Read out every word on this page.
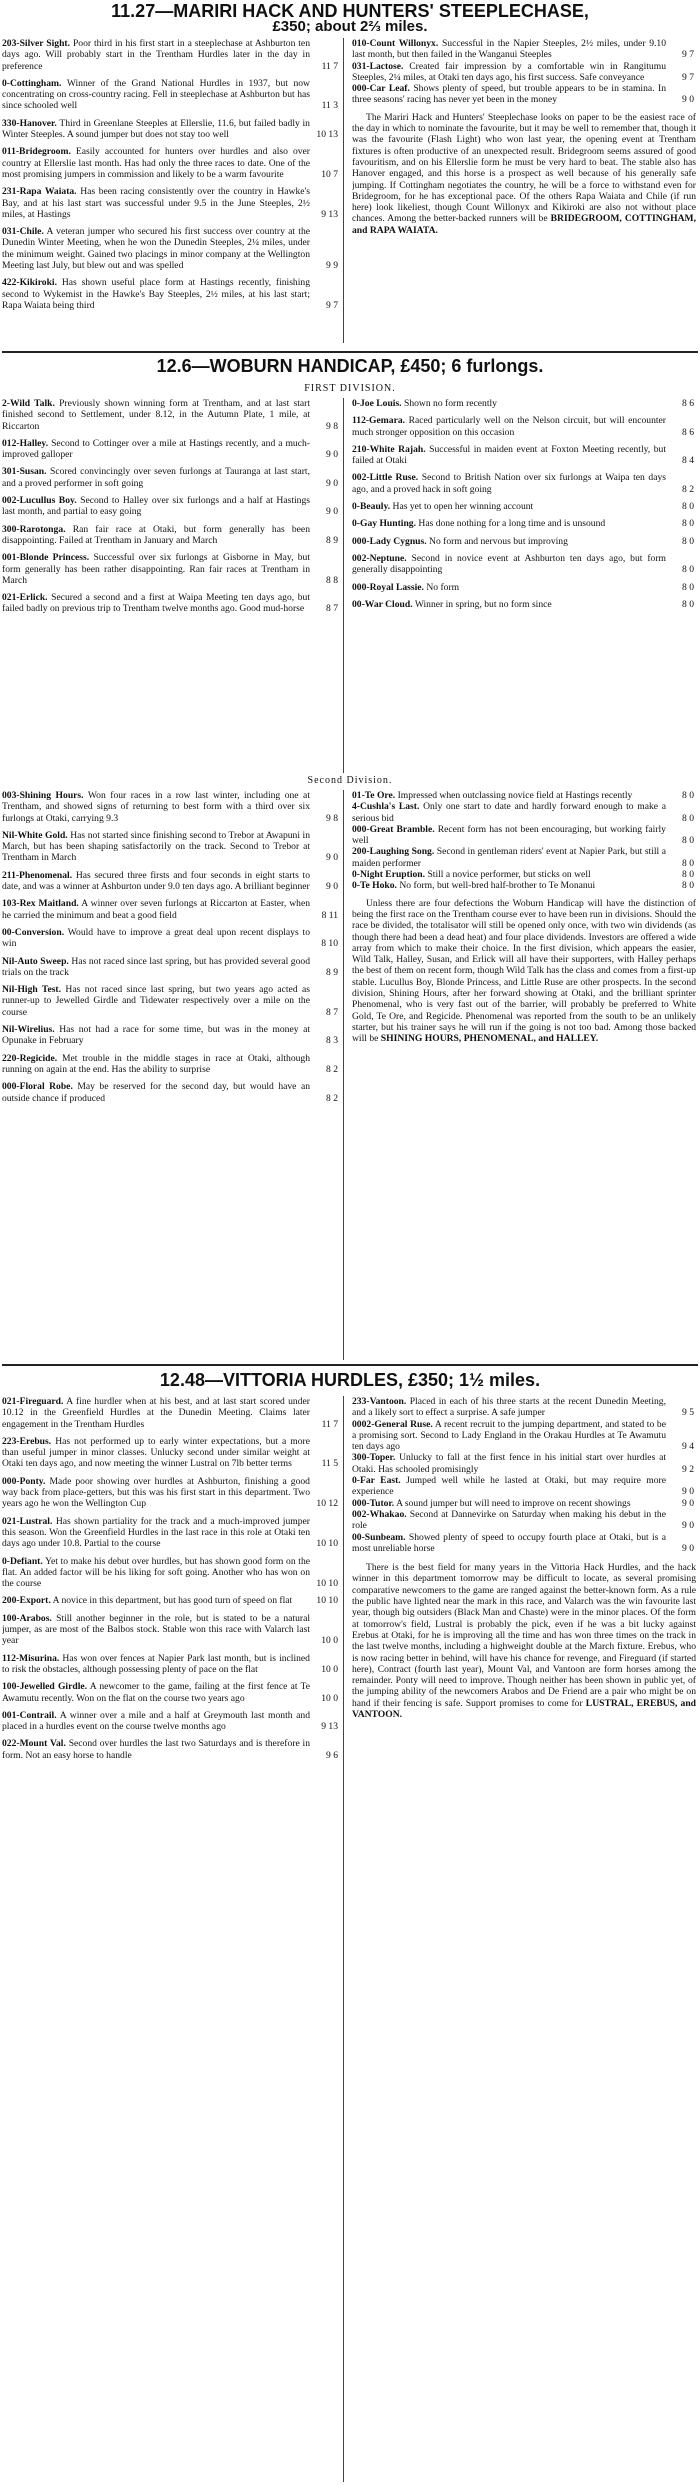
11.27—MARIRI HACK AND HUNTERS' STEEPLECHASE,
£350; about 2⅔ miles.
203-Silver Sight. Poor third in his first start in a steeplechase at Ashburton ten days ago. Will probably start in the Trentham Hurdles later in the day in preference	11 7
0-Cottingham. Winner of the Grand National Hurdles in 1937, but now concentrating on cross-country racing. Fell in steeplechase at Ashburton but has since schooled well	11 3
330-Hanover. Third in Greenlane Steeples at Ellerslie, 11.6, but failed badly in Winter Steeples. A sound jumper but does not stay too well	10 13
011-Bridegroom. Easily accounted for hunters over hurdles and also over country at Ellerslie last month. Has had only the three races to date. One of the most promising jumpers in commission and likely to be a warm favourite	10 7
231-Rapa Waiata. Has been racing consistently over the country in Hawke's Bay, and at his last start was successful under 9.5 in the June Steeples, 2½ miles, at Hastings	9 13
031-Chile. A veteran jumper who secured his first success over country at the Dunedin Winter Meeting, when he won the Dunedin Steeples, 2¼ miles, under the minimum weight. Gained two placings in minor company at the Wellington Meeting last July, but blew out and was spelled	9 9
422-Kikiroki. Has shown useful place form at Hastings recently, finishing second to Wykemist in the Hawke's Bay Steeples, 2½ miles, at his last start; Rapa Waiata being third	9 7
010-Count Willonyx. Successful in the Napier Steeples, 2½ miles, under 9.10 last month, but then failed in the Wanganui Steeples	9 7
031-Lactose. Created fair impression by a comfortable win in Rangitumu Steeples, 2¼ miles, at Otaki ten days ago, his first success. Safe conveyance	9 7
000-Car Leaf. Shows plenty of speed, but trouble appears to be in stamina. In three seasons' racing has never yet been in the money	9 0
The Mariri Hack and Hunters' Steeplechase looks on paper to be the easiest race of the day in which to nominate the favourite, but it may be well to remember that, though it was the favourite (Flash Light) who won last year, the opening event at Trentham fixtures is often productive of an unexpected result. Bridegroom seems assured of good favouritism, and on his Ellerslie form he must be very hard to beat. The stable also has Hanover engaged, and this horse is a prospect as well because of his generally safe jumping. If Cottingham negotiates the country, he will be a force to withstand even for Bridegroom, for he has exceptional pace. Of the others Rapa Waiata and Chile (if run here) look likeliest, though Count Willonyx and Kikiroki are also not without place chances. Among the better-backed runners will be BRIDEGROOM, COTTINGHAM, and RAPA WAIATA.
12.6—WOBURN HANDICAP, £450; 6 furlongs.
FIRST DIVISION.
2-Wild Talk. Previously shown winning form at Trentham, and at last start finished second to Settlement, under 8.12, in the Autumn Plate, 1 mile, at Riccarton	9 8
012-Halley. Second to Cottinger over a mile at Hastings recently, and a much-improved galloper	9 0
301-Susan. Scored convincingly over seven furlongs at Tauranga at last start, and a proved performer in soft going	9 0
002-Lucullus Boy. Second to Halley over six furlongs and a half at Hastings last month, and partial to easy going	9 0
300-Rarotonga. Ran fair race at Otaki, but form generally has been disappointing. Failed at Trentham in January and March	8 9
001-Blonde Princess. Successful over six furlongs at Gisborne in May, but form generally has been rather disappointing. Ran fair races at Trentham in March	8 8
021-Erlick. Secured a second and a first at Waipa Meeting ten days ago, but failed badly on previous trip to Trentham twelve months ago. Good mud-horse 8 7
0-Joe Louis. Shown no form recently	8 6
112-Gemara. Raced particularly well on the Nelson circuit, but will encounter much stronger opposition on this occasion	8 6
210-White Rajah. Successful in maiden event at Foxton Meeting recently, but failed at Otaki	8 4
002-Little Ruse. Second to British Nation over six furlongs at Waipa ten days ago, and a proved hack in soft going	8 2
0-Beauly. Has yet to open her winning account	8 0
0-Gay Hunting. Has done nothing for a long time and is unsound	8 0
000-Lady Cygnus. No form and nervous but improving	8 0
002-Neptune. Second in novice event at Ashburton ten days ago, but form generally disappointing	8 0
000-Royal Lassie. No form	8 0
00-War Cloud. Winner in spring, but no form since	8 0
Second Division.
003-Shining Hours. Won four races in a row last winter, including one at Trentham, and showed signs of returning to best form with a third over six furlongs at Otaki, carrying 9.3	9 8
Nil-White Gold. Has not started since finishing second to Trebor at Awapuni in March, but has been shaping satisfactorily on the track. Second to Trebor at Trentham in March	9 0
211-Phenomenal. Has secured three firsts and four seconds in eight starts to date, and was a winner at Ashburton under 9.0 ten days ago. A brilliant beginner 9 0
103-Rex Maitland. A winner over seven furlongs at Riccarton at Easter, when he carried the minimum and beat a good field	8 11
00-Conversion. Would have to improve a great deal upon recent displays to win	8 10
Nil-Auto Sweep. Has not raced since last spring, but has provided several good trials on the track	8 9
Nil-High Test. Has not raced since last spring, but two years ago acted as runner-up to Jewelled Girdle and Tidewater respectively over a mile on the course	8 7
Nil-Wirelius. Has not had a race for some time, but was in the money at Opunake in February	8 3
220-Regicide. Met trouble in the middle stages in race at Otaki, although running on again at the end. Has the ability to surprise	8 2
000-Floral Robe. May be reserved for the second day, but would have an outside chance if produced	8 2
01-Te Ore. Impressed when outclassing novice field at Hastings recently	8 0
4-Cushla's Last. Only one start to date and hardly forward enough to make a serious bid	8 0
000-Great Bramble. Recent form has not been encouraging, but working fairly well	8 0
200-Laughing Song. Second in gentleman riders' event at Napier Park, but still a maiden performer	8 0
0-Night Eruption. Still a novice performer, but sticks on well	8 0
0-Te Hoko. No form, but well-bred half-brother to Te Monanui	8 0
Unless there are four defections the Woburn Handicap will have the distinction of being the first race on the Trentham course ever to have been run in divisions. Should the race be divided, the totalisator will still be opened only once, with two win dividends (as though there had been a dead heat) and four place dividends. Investors are offered a wide array from which to make their choice. In the first division, which appears the easier, Wild Talk, Halley, Susan, and Erlick will all have their supporters, with Halley perhaps the best of them on recent form, though Wild Talk has the class and comes from a first-up stable. Lucullus Boy, Blonde Princess, and Little Ruse are other prospects. In the second division, Shining Hours, after her forward showing at Otaki, and the brilliant sprinter Phenomenal, who is very fast out of the barrier, will probably be preferred to White Gold, Te Ore, and Regicide. Phenomenal was reported from the south to be an unlikely starter, but his trainer says he will run if the going is not too bad. Among those backed will be SHINING HOURS, PHENOMENAL, and HALLEY.
12.48—VITTORIA HURDLES, £350; 1½ miles.
021-Fireguard. A fine hurdler when at his best, and at last start scored under 10.12 in the Greenfield Hurdles at the Dunedin Meeting. Claims later engagement in the Trentham Hurdles	11 7
223-Erebus. Has not performed up to early winter expectations, but a more than useful jumper in minor classes. Unlucky second under similar weight at Otaki ten days ago, and now meeting the winner Lustral on 7lb better terms	11 5
000-Ponty. Made poor showing over hurdles at Ashburton, finishing a good way back from place-getters, but this was his first start in this department. Two years ago he won the Wellington Cup	10 12
021-Lustral. Has shown partiality for the track and a much-improved jumper this season. Won the Greenfield Hurdles in the last race in this role at Otaki ten days ago under 10.8. Partial to the course	10 10
0-Defiant. Yet to make his debut over hurdles, but has shown good form on the flat. An added factor will be his liking for soft going. Another who has won on the course	10 10
200-Export. A novice in this department, but has good turn of speed on flat	10 10
100-Arabos. Still another beginner in the role, but is stated to be a natural jumper, as are most of the Balbos stock. Stable won this race with Valarch last year	10 0
112-Misurina. Has won over fences at Napier Park last month, but is inclined to risk the obstacles, although possessing plenty of pace on the flat	10 0
100-Jewelled Girdle. A newcomer to the game, failing at the first fence at Te Awamutu recently. Won on the flat on the course two years ago	10 0
001-Contrail. A winner over a mile and a half at Greymouth last month and placed in a hurdles event on the course twelve months ago	9 13
022-Mount Val. Second over hurdles the last two Saturdays and is therefore in form. Not an easy horse to handle	9 6
233-Vantoon. Placed in each of his three starts at the recent Dunedin Meeting, and a likely sort to effect a surprise. A safe jumper	9 5
0002-General Ruse. A recent recruit to the jumping department, and stated to be a promising sort. Second to Lady England in the Orakau Hurdles at Te Awamutu ten days ago	9 4
300-Toper. Unlucky to fall at the first fence in his initial start over hurdles at Otaki. Has schooled promisingly	9 2
0-Far East. Jumped well while he lasted at Otaki, but may require more experience	9 0
000-Tutor. A sound jumper but will need to improve on recent showings	9 0
002-Whakao. Second at Dannevirke on Saturday when making his debut in the role	9 0
00-Sunbeam. Showed plenty of speed to occupy fourth place at Otaki, but is a most unreliable horse	9 0
There is the best field for many years in the Vittoria Hack Hurdles, and the hack winner in this department tomorrow may be difficult to locate, as several promising comparative newcomers to the game are ranged against the better-known form. As a rule the public have lighted near the mark in this race, and Valarch was the win favourite last year, though big outsiders (Black Man and Chaste) were in the minor places. Of the form at tomorrow's field, Lustral is probably the pick, even if he was a bit lucky against Erebus at Otaki, for he is improving all the time and has won three times on the track in the last twelve months, including a highweight double at the March fixture. Erebus, who is now racing better in behind, will have his chance for revenge, and Fireguard (if started here), Contract (fourth last year), Mount Val, and Vantoon are form horses among the remainder. Ponty will need to improve. Though neither has been shown in public yet, of the jumping ability of the newcomers Arabos and De Friend are a pair who might be on hand if their fencing is safe. Support promises to come for LUSTRAL, EREBUS, and VANTOON.
